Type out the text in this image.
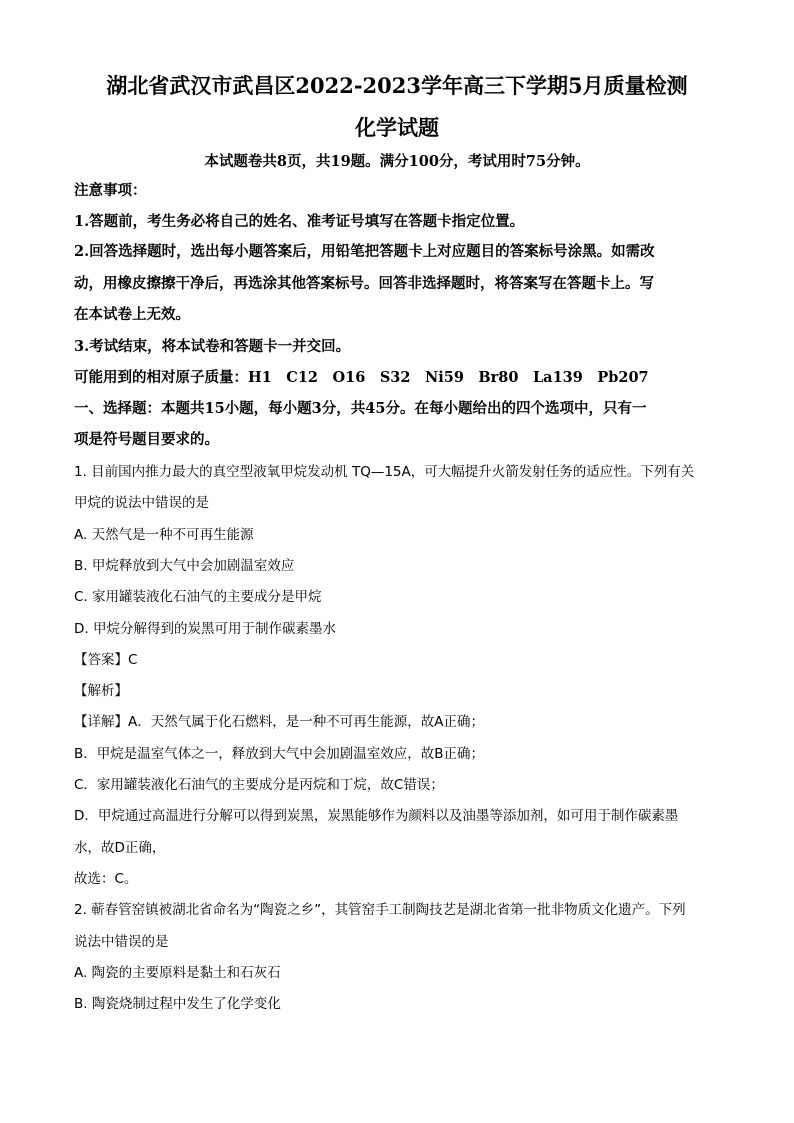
湖北省武汉市武昌区2022-2023学年高三下学期5月质量检测
化学试题
本试题卷共8页，共19题。满分100分，考试用时75分钟。
注意事项：
1.答题前，考生务必将自己的姓名、准考证号填写在答题卡指定位置。
2.回答选择题时，选出每小题答案后，用铅笔把答题卡上对应题目的答案标号涂黑。如需改
动，用橡皮擦擦干净后，再选涂其他答案标号。回答非选择题时，将答案写在答题卡上。写
在本试卷上无效。
3.考试结束，将本试卷和答题卡一并交回。
可能用到的相对原子质量：H1　C12　O16　S32　Ni59　Br80　La139　Pb207
一、选择题：本题共15小题，每小题3分，共45分。在每小题给出的四个选项中，只有一
项是符号题目要求的。
1. 目前国内推力最大的真空型液氧甲烷发动机 TQ—15A，可大幅提升火箭发射任务的适应性。下列有关
甲烷的说法中错误的是
A. 天然气是一种不可再生能源
B. 甲烷释放到大气中会加剧温室效应
C. 家用罐装液化石油气的主要成分是甲烷
D. 甲烷分解得到的炭黑可用于制作碳素墨水
【答案】C
【解析】
【详解】A．天然气属于化石燃料，是一种不可再生能源，故A正确；
B．甲烷是温室气体之一，释放到大气中会加剧温室效应，故B正确；
C．家用罐装液化石油气的主要成分是丙烷和丁烷，故C错误；
D．甲烷通过高温进行分解可以得到炭黑，炭黑能够作为颜料以及油墨等添加剂，如可用于制作碳素墨
水，故D正确，
故选：C。
2. 蕲春管窑镇被湖北省命名为“陶瓷之乡”，其管窑手工制陶技艺是湖北省第一批非物质文化遗产。下列
说法中错误的是
A. 陶瓷的主要原料是黏土和石灰石
B. 陶瓷烧制过程中发生了化学变化
